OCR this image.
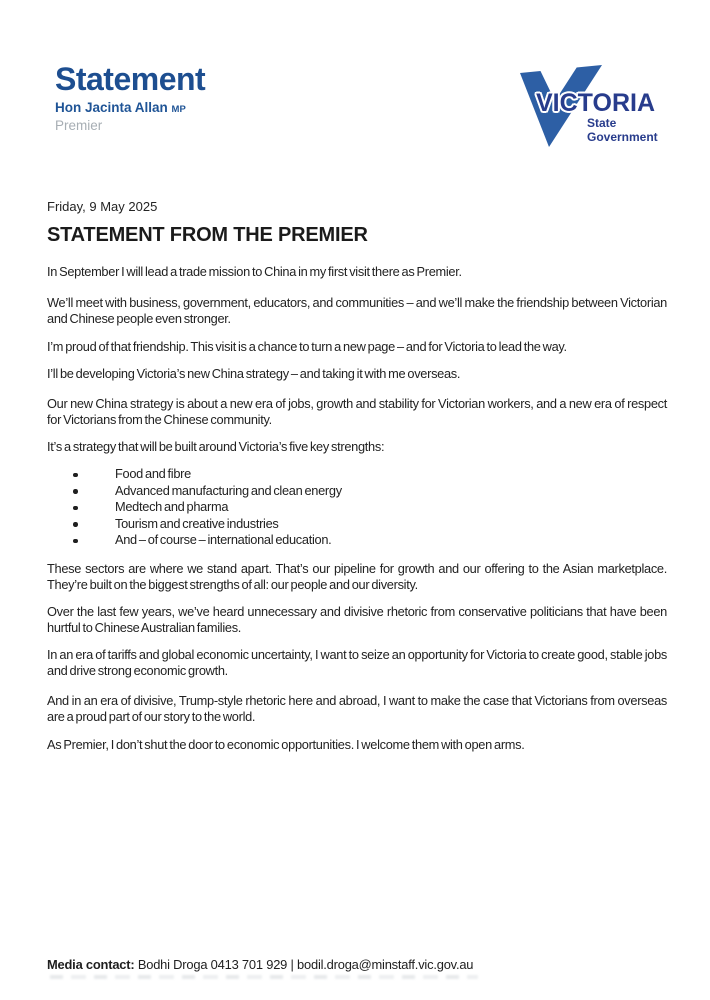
Statement
Hon Jacinta Allan MP
Premier
VICTORIA
State
Government
Friday, 9 May 2025
STATEMENT FROM THE PREMIER

In September I will lead a trade mission to China in my first visit there as Premier.

We’ll meet with business, government, educators, and communities – and we’ll make the friendship between Victorian and Chinese people even stronger.

I’m proud of that friendship. This visit is a chance to turn a new page – and for Victoria to lead the way.

I’ll be developing Victoria’s new China strategy – and taking it with me overseas.

Our new China strategy is about a new era of jobs, growth and stability for Victorian workers, and a new era of respect for Victorians from the Chinese community.

It’s a strategy that will be built around Victoria’s five key strengths:

Food and fibre
Advanced manufacturing and clean energy
Medtech and pharma
Tourism and creative industries
And – of course – international education.

These sectors are where we stand apart. That’s our pipeline for growth and our offering to the Asian marketplace. They’re built on the biggest strengths of all: our people and our diversity.

Over the last few years, we’ve heard unnecessary and divisive rhetoric from conservative politicians that have been hurtful to Chinese Australian families.

In an era of tariffs and global economic uncertainty, I want to seize an opportunity for Victoria to create good, stable jobs and drive strong economic growth.

And in an era of divisive, Trump-style rhetoric here and abroad, I want to make the case that Victorians from overseas are a proud part of our story to the world.

As Premier, I don’t shut the door to economic opportunities. I welcome them with open arms.

Media contact: Bodhi Droga 0413 701 929 | bodil.droga@minstaff.vic.gov.au
